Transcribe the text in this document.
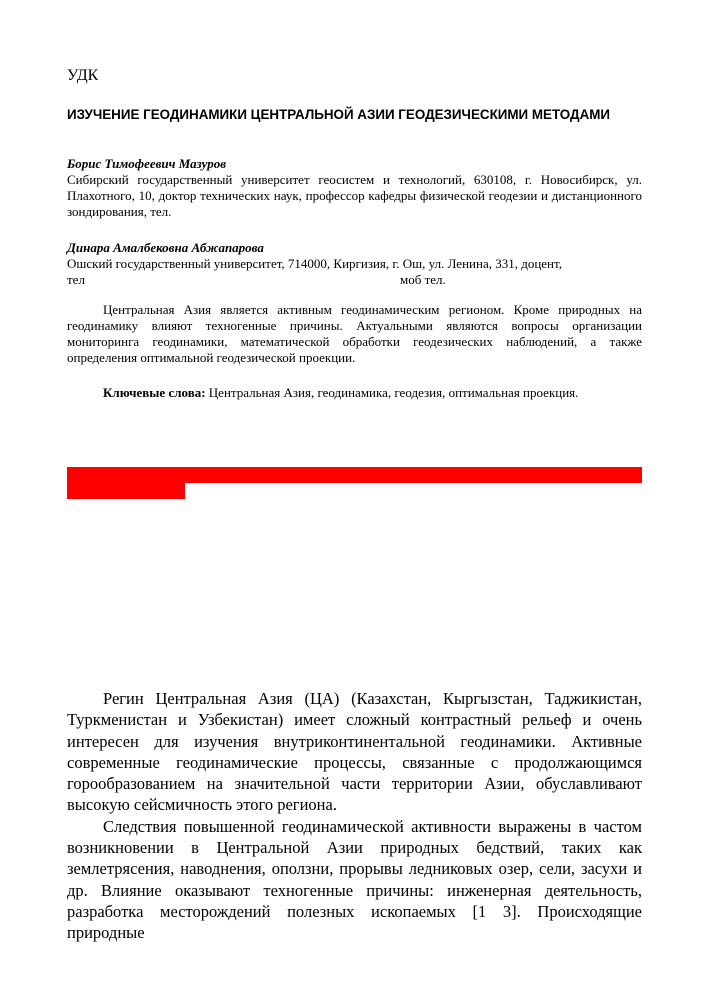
УДК
ИЗУЧЕНИЕ ГЕОДИНАМИКИ ЦЕНТРАЛЬНОЙ АЗИИ ГЕОДЕЗИЧЕСКИМИ МЕТОДАМИ
Борис Тимофеевич Мазуров
Сибирский государственный университет геосистем и технологий, 630108, г. Новосибирск, ул. Плахотного, 10, доктор технических наук, профессор кафедры физической геодезии и дистанционного зондирования, тел.
Динара Амалбековна Абжапарова
Ошский государственный университет, 714000, Киргизия, г. Ош, ул. Ленина, 331, доцент,
тел	моб тел.

Центральная Азия является активным геодинамическим регионом. Кроме природных на геодинамику влияют техногенные причины. Актуальными являются вопросы организации мониторинга геодинамики, математической обработки геодезических наблюдений, а также определения оптимальной геодезической проекции.

Ключевые слова: Центральная Азия, геодинамика, геодезия, оптимальная проекция.

Регин Центральная Азия (ЦА) (Казахстан, Кыргызстан, Таджикистан, Туркменистан и Узбекистан) имеет сложный контрастный рельеф и очень интересен для изучения внутриконтинентальной геодинамики. Активные современные геодинамические процессы, связанные с продолжающимся горообразованием на значительной части территории Азии, обуславливают высокую сейсмичность этого региона.

Следствия повышенной геодинамической активности выражены в частом возникновении в Центральной Азии природных бедствий, таких как землетрясения, наводнения, оползни, прорывы ледниковых озер, сели, засухи и др. Влияние оказывают техногенные причины: инженерная деятельность, разработка месторождений полезных ископаемых [1 3]. Происходящие природные
